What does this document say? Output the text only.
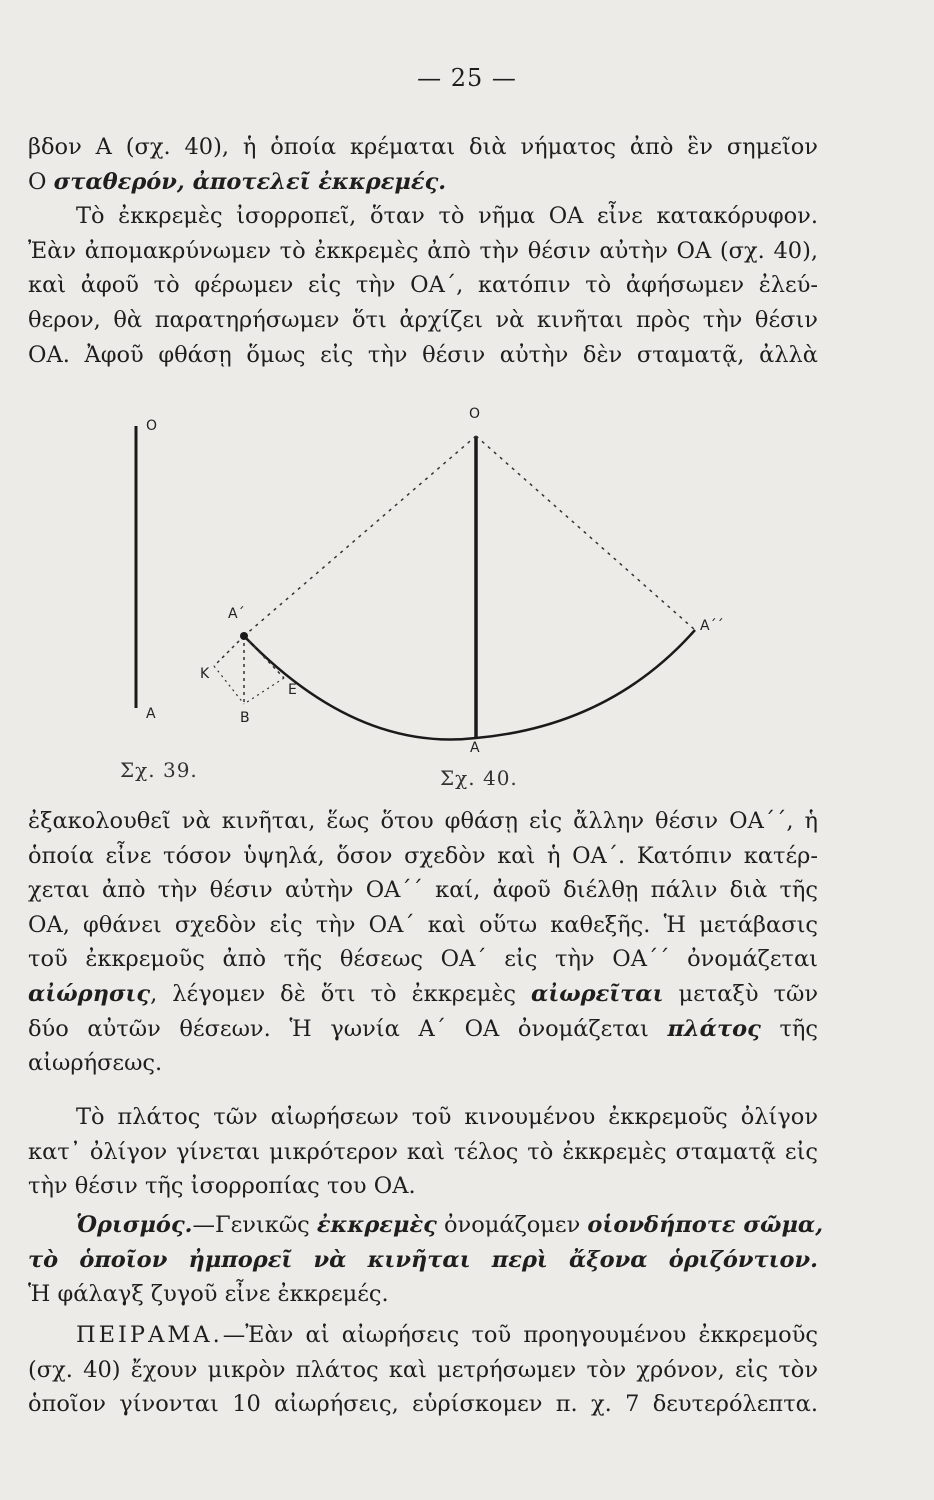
— 25 —
βδον Α (σχ. 40), ἡ ὁποία κρέμαται διὰ νήματος ἀπὸ ἓν σημεῖον
Ο σταθερόν, ἀποτελεῖ ἐκκρεμές.
Τὸ ἐκκρεμὲς ἰσορροπεῖ, ὅταν τὸ νῆμα ΟΑ εἶνε κατακόρυφον.
Ἐὰν ἀπομακρύνωμεν τὸ ἐκκρεμὲς ἀπὸ τὴν θέσιν αὐτὴν ΟΑ (σχ. 40),
καὶ ἀφοῦ τὸ φέρωμεν εἰς τὴν ΟΑ΄, κατόπιν τὸ ἀφήσωμεν ἐλεύ-
θερον, θὰ παρατηρήσωμεν ὅτι ἀρχίζει νὰ κινῆται πρὸς τὴν θέσιν
ΟΑ. Ἀφοῦ φθάσῃ ὅμως εἰς τὴν θέσιν αὐτὴν δὲν σταματᾷ, ἀλλὰ
O
A
O
A
A΄
A΄΄
K
B
E
Σχ. 39.	Σχ. 40.
ἐξακολουθεῖ νὰ κινῆται, ἕως ὅτου φθάσῃ εἰς ἄλλην θέσιν ΟΑ΄΄, ἡ
ὁποία εἶνε τόσον ὑψηλά, ὅσον σχεδὸν καὶ ἡ ΟΑ΄. Κατόπιν κατέρ-
χεται ἀπὸ τὴν θέσιν αὐτὴν ΟΑ΄΄ καί, ἀφοῦ διέλθῃ πάλιν διὰ τῆς
ΟΑ, φθάνει σχεδὸν εἰς τὴν ΟΑ΄ καὶ οὕτω καθεξῆς. Ἡ μετάβασις
τοῦ ἐκκρεμοῦς ἀπὸ τῆς θέσεως ΟΑ΄ εἰς τὴν ΟΑ΄΄ ὀνομάζεται
αἰώρησις, λέγομεν δὲ ὅτι τὸ ἐκκρεμὲς αἰωρεῖται μεταξὺ τῶν
δύο αὐτῶν θέσεων. Ἡ γωνία Α΄ ΟΑ ὀνομάζεται πλάτος τῆς
αἰωρήσεως.
Τὸ πλάτος τῶν αἰωρήσεων τοῦ κινουμένου ἐκκρεμοῦς ὀλίγον
κατ᾽ ὀλίγον γίνεται μικρότερον καὶ τέλος τὸ ἐκκρεμὲς σταματᾷ εἰς
τὴν θέσιν τῆς ἰσορροπίας του ΟΑ.
Ὁρισμός.—Γενικῶς ἐκκρεμὲς ὀνομάζομεν οἱονδήποτε σῶμα,
τὸ ὁποῖον ἠμπορεῖ νὰ κινῆται περὶ ἄξονα ὁριζόντιον.
Ἡ φάλαγξ ζυγοῦ εἶνε ἐκκρεμές.
ΠΕΙΡΑΜΑ.—Ἐὰν αἱ αἰωρήσεις τοῦ προηγουμένου ἐκκρεμοῦς
(σχ. 40) ἔχουν μικρὸν πλάτος καὶ μετρήσωμεν τὸν χρόνον, εἰς τὸν
ὁποῖον γίνονται 10 αἰωρήσεις, εὑρίσκομεν π. χ. 7 δευτερόλεπτα.
